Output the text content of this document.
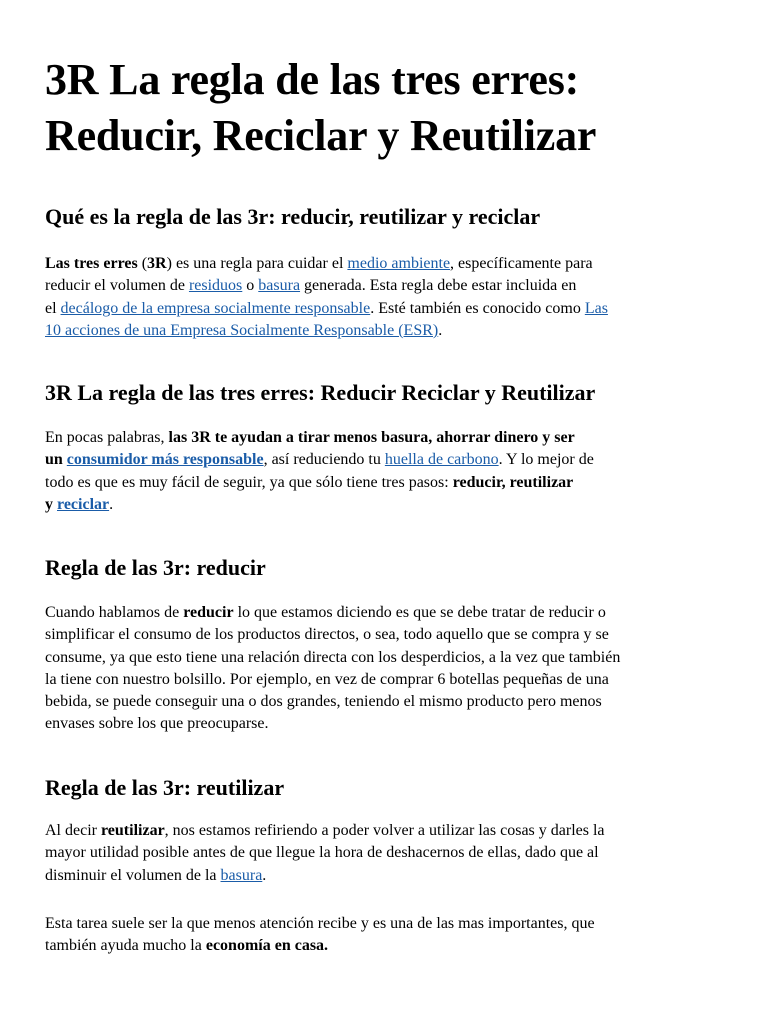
3R La regla de las tres erres:
Reducir, Reciclar y Reutilizar
Qué es la regla de las 3r: reducir, reutilizar y reciclar

Las tres erres (3R) es una regla para cuidar el medio ambiente, específicamente para
reducir el volumen de residuos o basura generada. Esta regla debe estar incluida en
el decálogo de la empresa socialmente responsable. Esté también es conocido como Las
10 acciones de una Empresa Socialmente Responsable (ESR).

3R La regla de las tres erres: Reducir Reciclar y Reutilizar

En pocas palabras, las 3R te ayudan a tirar menos basura, ahorrar dinero y ser
un consumidor más responsable, así reduciendo tu huella de carbono. Y lo mejor de
todo es que es muy fácil de seguir, ya que sólo tiene tres pasos: reducir, reutilizar
y reciclar.

Regla de las 3r: reducir

Cuando hablamos de reducir lo que estamos diciendo es que se debe tratar de reducir o
simplificar el consumo de los productos directos, o sea, todo aquello que se compra y se
consume, ya que esto tiene una relación directa con los desperdicios, a la vez que también
la tiene con nuestro bolsillo. Por ejemplo, en vez de comprar 6 botellas pequeñas de una
bebida, se puede conseguir una o dos grandes, teniendo el mismo producto pero menos
envases sobre los que preocuparse.

Regla de las 3r: reutilizar

Al decir reutilizar, nos estamos refiriendo a poder volver a utilizar las cosas y darles la
mayor utilidad posible antes de que llegue la hora de deshacernos de ellas, dado que al
disminuir el volumen de la basura.

Esta tarea suele ser la que menos atención recibe y es una de las mas importantes, que
también ayuda mucho la economía en casa.
